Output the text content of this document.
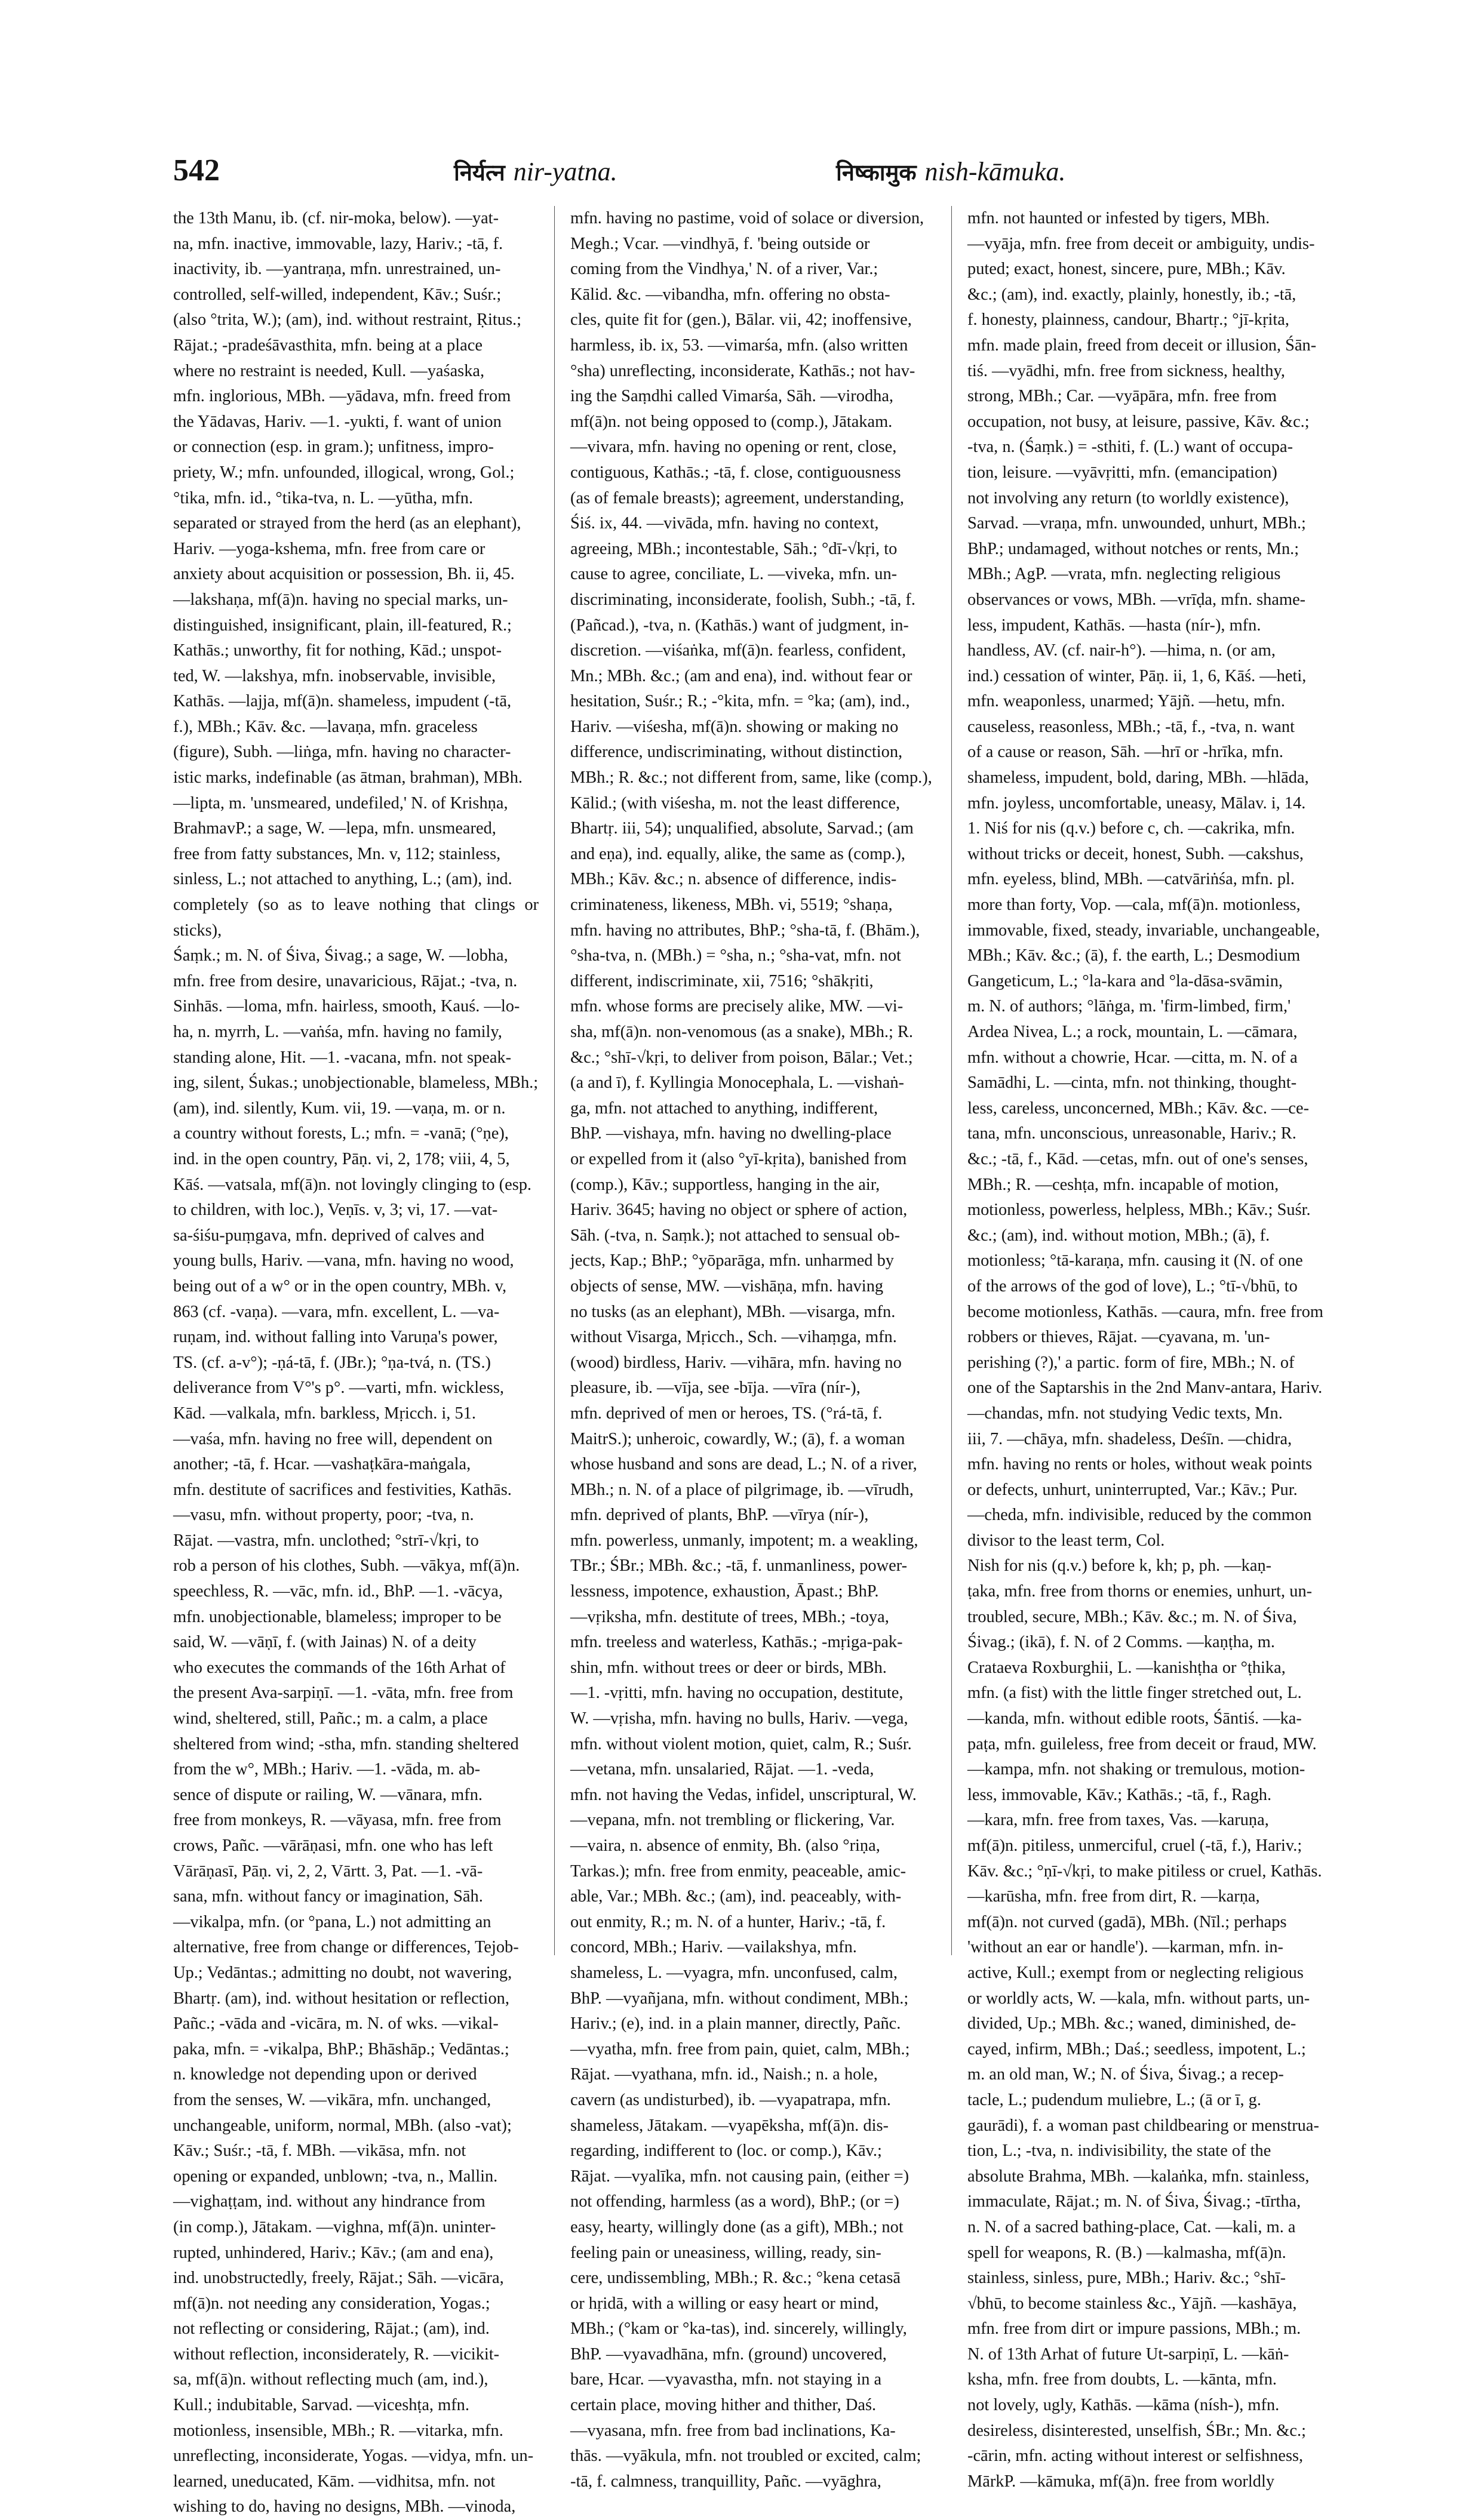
542	निर्यत्न nir-yatna.	निष्कामुक nish-kāmuka.

the 13th Manu, ib. (cf. nir-moka, below). —yat-

na, mfn. inactive, immovable, lazy, Hariv.; -tā, f.

inactivity, ib. —yantraṇa, mfn. unrestrained, un-

controlled, self-willed, independent, Kāv.; Suśr.;

(also °trita, W.); (am), ind. without restraint, Ṛitus.;

Rājat.; -pradeśāvasthita, mfn. being at a place

where no restraint is needed, Kull. —yaśaska,

mfn. inglorious, MBh. —yādava, mfn. freed from

the Yādavas, Hariv. —1. -yukti, f. want of union

or connection (esp. in gram.); unfitness, impro-

priety, W.; mfn. unfounded, illogical, wrong, Gol.;

°tika, mfn. id., °tika-tva, n. L. —yūtha, mfn.

separated or strayed from the herd (as an elephant),

Hariv. —yoga-kshema, mfn. free from care or

anxiety about acquisition or possession, Bh. ii, 45.

—lakshaṇa, mf(ā)n. having no special marks, un-

distinguished, insignificant, plain, ill-featured, R.;

Kathās.; unworthy, fit for nothing, Kād.; unspot-

ted, W. —lakshya, mfn. inobservable, invisible,

Kathās. —lajja, mf(ā)n. shameless, impudent (-tā,

f.), MBh.; Kāv. &c. —lavaṇa, mfn. graceless

(figure), Subh. —liṅga, mfn. having no character-

istic marks, indefinable (as ātman, brahman), MBh.

—lipta, m. 'unsmeared, undefiled,' N. of Krishṇa,

BrahmavP.; a sage, W. —lepa, mfn. unsmeared,

free from fatty substances, Mn. v, 112; stainless,

sinless, L.; not attached to anything, L.; (am), ind.

completely (so as to leave nothing that clings or sticks),

Śaṃk.; m. N. of Śiva, Śivag.; a sage, W. —lobha,

mfn. free from desire, unavaricious, Rājat.; -tva, n.

Sinhās. —loma, mfn. hairless, smooth, Kauś. —lo-

ha, n. myrrh, L. —vaṅśa, mfn. having no family,

standing alone, Hit. —1. -vacana, mfn. not speak-

ing, silent, Śukas.; unobjectionable, blameless, MBh.;

(am), ind. silently, Kum. vii, 19. —vaṇa, m. or n.

a country without forests, L.; mfn. = -vanā; (°ṇe),

ind. in the open country, Pāṇ. vi, 2, 178; viii, 4, 5,

Kāś. —vatsala, mf(ā)n. not lovingly clinging to (esp.

to children, with loc.), Veṇīs. v, 3; vi, 17. —vat-

sa-śiśu-puṃgava, mfn. deprived of calves and

young bulls, Hariv. —vana, mfn. having no wood,

being out of a w° or in the open country, MBh. v,

863 (cf. -vaṇa). —vara, mfn. excellent, L. —va-

ruṇam, ind. without falling into Varuṇa's power,

TS. (cf. a-v°); -ṇá-tā, f. (JBr.); °ṇa-tvá, n. (TS.)

deliverance from V°'s p°. —varti, mfn. wickless,

Kād. —valkala, mfn. barkless, Mṛicch. i, 51.

—vaśa, mfn. having no free will, dependent on

another; -tā, f. Hcar. —vashaṭkāra-maṅgala,

mfn. destitute of sacrifices and festivities, Kathās.

—vasu, mfn. without property, poor; -tva, n.

Rājat. —vastra, mfn. unclothed; °strī-√kṛi, to

rob a person of his clothes, Subh. —vākya, mf(ā)n.

speechless, R. —vāc, mfn. id., BhP. —1. -vācya,

mfn. unobjectionable, blameless; improper to be

said, W. —vāṇī, f. (with Jainas) N. of a deity

who executes the commands of the 16th Arhat of

the present Ava-sarpiṇī. —1. -vāta, mfn. free from

wind, sheltered, still, Pañc.; m. a calm, a place

sheltered from wind; -stha, mfn. standing sheltered

from the w°, MBh.; Hariv. —1. -vāda, m. ab-

sence of dispute or railing, W. —vānara, mfn.

free from monkeys, R. —vāyasa, mfn. free from

crows, Pañc. —vārāṇasi, mfn. one who has left

Vārāṇasī, Pāṇ. vi, 2, 2, Vārtt. 3, Pat. —1. -vā-

sana, mfn. without fancy or imagination, Sāh.

—vikalpa, mfn. (or °pana, L.) not admitting an

alternative, free from change or differences, Tejob-

Up.; Vedāntas.; admitting no doubt, not wavering,

Bhartṛ. (am), ind. without hesitation or reflection,

Pañc.; -vāda and -vicāra, m. N. of wks. —vikal-

paka, mfn. = -vikalpa, BhP.; Bhāshāp.; Vedāntas.;

n. knowledge not depending upon or derived

from the senses, W. —vikāra, mfn. unchanged,

unchangeable, uniform, normal, MBh. (also -vat);

Kāv.; Suśr.; -tā, f. MBh. —vikāsa, mfn. not

opening or expanded, unblown; -tva, n., Mallin.

—vighaṭṭam, ind. without any hindrance from

(in comp.), Jātakam. —vighna, mf(ā)n. uninter-

rupted, unhindered, Hariv.; Kāv.; (am and ena),

ind. unobstructedly, freely, Rājat.; Sāh. —vicāra,

mf(ā)n. not needing any consideration, Yogas.;

not reflecting or considering, Rājat.; (am), ind.

without reflection, inconsiderately, R. —vicikit-

sa, mf(ā)n. without reflecting much (am, ind.),

Kull.; indubitable, Sarvad. —viceshṭa, mfn.

motionless, insensible, MBh.; R. —vitarka, mfn.

unreflecting, inconsiderate, Yogas. —vidya, mfn. un-

learned, uneducated, Kām. —vidhitsa, mfn. not

wishing to do, having no designs, MBh. —vinoda,

mfn. having no pastime, void of solace or diversion,

Megh.; Vcar. —vindhyā, f. 'being outside or

coming from the Vindhya,' N. of a river, Var.;

Kālid. &c. —vibandha, mfn. offering no obsta-

cles, quite fit for (gen.), Bālar. vii, 42; inoffensive,

harmless, ib. ix, 53. —vimarśa, mfn. (also written

°sha) unreflecting, inconsiderate, Kathās.; not hav-

ing the Saṃdhi called Vimarśa, Sāh. —virodha,

mf(ā)n. not being opposed to (comp.), Jātakam.

—vivara, mfn. having no opening or rent, close,

contiguous, Kathās.; -tā, f. close, contiguousness

(as of female breasts); agreement, understanding,

Śiś. ix, 44. —vivāda, mfn. having no context,

agreeing, MBh.; incontestable, Sāh.; °dī-√kṛi, to

cause to agree, conciliate, L. —viveka, mfn. un-

discriminating, inconsiderate, foolish, Subh.; -tā, f.

(Pañcad.), -tva, n. (Kathās.) want of judgment, in-

discretion. —viśaṅka, mf(ā)n. fearless, confident,

Mn.; MBh. &c.; (am and ena), ind. without fear or

hesitation, Suśr.; R.; -°kita, mfn. = °ka; (am), ind.,

Hariv. —viśesha, mf(ā)n. showing or making no

difference, undiscriminating, without distinction,

MBh.; R. &c.; not different from, same, like (comp.),

Kālid.; (with viśesha, m. not the least difference,

Bhartṛ. iii, 54); unqualified, absolute, Sarvad.; (am

and eṇa), ind. equally, alike, the same as (comp.),

MBh.; Kāv. &c.; n. absence of difference, indis-

criminateness, likeness, MBh. vi, 5519; °shaṇa,

mfn. having no attributes, BhP.; °sha-tā, f. (Bhām.),

°sha-tva, n. (MBh.) = °sha, n.; °sha-vat, mfn. not

different, indiscriminate, xii, 7516; °shākṛiti,

mfn. whose forms are precisely alike, MW. —vi-

sha, mf(ā)n. non-venomous (as a snake), MBh.; R.

&c.; °shī-√kṛi, to deliver from poison, Bālar.; Vet.;

(a and ī), f. Kyllingia Monocephala, L. —vishaṅ-

ga, mfn. not attached to anything, indifferent,

BhP. —vishaya, mfn. having no dwelling-place

or expelled from it (also °yī-kṛita), banished from

(comp.), Kāv.; supportless, hanging in the air,

Hariv. 3645; having no object or sphere of action,

Sāh. (-tva, n. Saṃk.); not attached to sensual ob-

jects, Kap.; BhP.; °yōparāga, mfn. unharmed by

objects of sense, MW. —vishāṇa, mfn. having

no tusks (as an elephant), MBh. —visarga, mfn.

without Visarga, Mṛicch., Sch. —vihaṃga, mfn.

(wood) birdless, Hariv. —vihāra, mfn. having no

pleasure, ib. —vīja, see -bīja. —vīra (nír-),

mfn. deprived of men or heroes, TS. (°rá-tā, f.

MaitrS.); unheroic, cowardly, W.; (ā), f. a woman

whose husband and sons are dead, L.; N. of a river,

MBh.; n. N. of a place of pilgrimage, ib. —vīrudh,

mfn. deprived of plants, BhP. —vīrya (nír-),

mfn. powerless, unmanly, impotent; m. a weakling,

TBr.; ŚBr.; MBh. &c.; -tā, f. unmanliness, power-

lessness, impotence, exhaustion, Āpast.; BhP.

—vṛiksha, mfn. destitute of trees, MBh.; -toya,

mfn. treeless and waterless, Kathās.; -mṛiga-pak-

shin, mfn. without trees or deer or birds, MBh.

—1. -vṛitti, mfn. having no occupation, destitute,

W. —vṛisha, mfn. having no bulls, Hariv. —vega,

mfn. without violent motion, quiet, calm, R.; Suśr.

—vetana, mfn. unsalaried, Rājat. —1. -veda,

mfn. not having the Vedas, infidel, unscriptural, W.

—vepana, mfn. not trembling or flickering, Var.

—vaira, n. absence of enmity, Bh. (also °riṇa,

Tarkas.); mfn. free from enmity, peaceable, amic-

able, Var.; MBh. &c.; (am), ind. peaceably, with-

out enmity, R.; m. N. of a hunter, Hariv.; -tā, f.

concord, MBh.; Hariv. —vailakshya, mfn.

shameless, L. —vyagra, mfn. unconfused, calm,

BhP. —vyañjana, mfn. without condiment, MBh.;

Hariv.; (e), ind. in a plain manner, directly, Pañc.

—vyatha, mfn. free from pain, quiet, calm, MBh.;

Rājat. —vyathana, mfn. id., Naish.; n. a hole,

cavern (as undisturbed), ib. —vyapatrapa, mfn.

shameless, Jātakam. —vyapēksha, mf(ā)n. dis-

regarding, indifferent to (loc. or comp.), Kāv.;

Rājat. —vyalīka, mfn. not causing pain, (either =)

not offending, harmless (as a word), BhP.; (or =)

easy, hearty, willingly done (as a gift), MBh.; not

feeling pain or uneasiness, willing, ready, sin-

cere, undissembling, MBh.; R. &c.; °kena cetasā

or hṛidā, with a willing or easy heart or mind,

MBh.; (°kam or °ka-tas), ind. sincerely, willingly,

BhP. —vyavadhāna, mfn. (ground) uncovered,

bare, Hcar. —vyavastha, mfn. not staying in a

certain place, moving hither and thither, Daś.

—vyasana, mfn. free from bad inclinations, Ka-

thās. —vyākula, mfn. not troubled or excited, calm;

-tā, f. calmness, tranquillity, Pañc. —vyāghra,

mfn. not haunted or infested by tigers, MBh.

—vyāja, mfn. free from deceit or ambiguity, undis-

puted; exact, honest, sincere, pure, MBh.; Kāv.

&c.; (am), ind. exactly, plainly, honestly, ib.; -tā,

f. honesty, plainness, candour, Bhartṛ.; °jī-kṛita,

mfn. made plain, freed from deceit or illusion, Śān-

tiś. —vyādhi, mfn. free from sickness, healthy,

strong, MBh.; Car. —vyāpāra, mfn. free from

occupation, not busy, at leisure, passive, Kāv. &c.;

-tva, n. (Śaṃk.) = -sthiti, f. (L.) want of occupa-

tion, leisure. —vyāvṛitti, mfn. (emancipation)

not involving any return (to worldly existence),

Sarvad. —vraṇa, mfn. unwounded, unhurt, MBh.;

BhP.; undamaged, without notches or rents, Mn.;

MBh.; AgP. —vrata, mfn. neglecting religious

observances or vows, MBh. —vrīḍa, mfn. shame-

less, impudent, Kathās. —hasta (nír-), mfn.

handless, AV. (cf. nair-h°). —hima, n. (or am,

ind.) cessation of winter, Pāṇ. ii, 1, 6, Kāś. —heti,

mfn. weaponless, unarmed; Yājñ. —hetu, mfn.

causeless, reasonless, MBh.; -tā, f., -tva, n. want

of a cause or reason, Sāh. —hrī or -hrīka, mfn.

shameless, impudent, bold, daring, MBh. —hlāda,

mfn. joyless, uncomfortable, uneasy, Mālav. i, 14.

1. Niś for nis (q.v.) before c, ch. —cakrika, mfn.

without tricks or deceit, honest, Subh. —cakshus,

mfn. eyeless, blind, MBh. —catvāriṅśa, mfn. pl.

more than forty, Vop. —cala, mf(ā)n. motionless,

immovable, fixed, steady, invariable, unchangeable,

MBh.; Kāv. &c.; (ā), f. the earth, L.; Desmodium

Gangeticum, L.; °la-kara and °la-dāsa-svāmin,

m. N. of authors; °lāṅga, m. 'firm-limbed, firm,'

Ardea Nivea, L.; a rock, mountain, L. —cāmara,

mfn. without a chowrie, Hcar. —citta, m. N. of a

Samādhi, L. —cinta, mfn. not thinking, thought-

less, careless, unconcerned, MBh.; Kāv. &c. —ce-

tana, mfn. unconscious, unreasonable, Hariv.; R.

&c.; -tā, f., Kād. —cetas, mfn. out of one's senses,

MBh.; R. —ceshṭa, mfn. incapable of motion,

motionless, powerless, helpless, MBh.; Kāv.; Suśr.

&c.; (am), ind. without motion, MBh.; (ā), f.

motionless; °tā-karaṇa, mfn. causing it (N. of one

of the arrows of the god of love), L.; °tī-√bhū, to

become motionless, Kathās. —caura, mfn. free from

robbers or thieves, Rājat. —cyavana, m. 'un-

perishing (?),' a partic. form of fire, MBh.; N. of

one of the Saptarshis in the 2nd Manv-antara, Hariv.

—chandas, mfn. not studying Vedic texts, Mn.

iii, 7. —chāya, mfn. shadeless, Deśīn. —chidra,

mfn. having no rents or holes, without weak points

or defects, unhurt, uninterrupted, Var.; Kāv.; Pur.

—cheda, mfn. indivisible, reduced by the common

divisor to the least term, Col.

Nish for nis (q.v.) before k, kh; p, ph. —kaṇ-

ṭaka, mfn. free from thorns or enemies, unhurt, un-

troubled, secure, MBh.; Kāv. &c.; m. N. of Śiva,

Śivag.; (ikā), f. N. of 2 Comms. —kaṇṭha, m.

Crataeva Roxburghii, L. —kanishṭha or °ṭhika,

mfn. (a fist) with the little finger stretched out, L.

—kanda, mfn. without edible roots, Śāntiś. —ka-

paṭa, mfn. guileless, free from deceit or fraud, MW.

—kampa, mfn. not shaking or tremulous, motion-

less, immovable, Kāv.; Kathās.; -tā, f., Ragh.

—kara, mfn. free from taxes, Vas. —karuṇa,

mf(ā)n. pitiless, unmerciful, cruel (-tā, f.), Hariv.;

Kāv. &c.; °ṇī-√kṛi, to make pitiless or cruel, Kathās.

—karūsha, mfn. free from dirt, R. —karṇa,

mf(ā)n. not curved (gadā), MBh. (Nīl.; perhaps

'without an ear or handle'). —karman, mfn. in-

active, Kull.; exempt from or neglecting religious

or worldly acts, W. —kala, mfn. without parts, un-

divided, Up.; MBh. &c.; waned, diminished, de-

cayed, infirm, MBh.; Daś.; seedless, impotent, L.;

m. an old man, W.; N. of Śiva, Śivag.; a recep-

tacle, L.; pudendum muliebre, L.; (ā or ī, g.

gaurādi), f. a woman past childbearing or menstrua-

tion, L.; -tva, n. indivisibility, the state of the

absolute Brahma, MBh. —kalaṅka, mfn. stainless,

immaculate, Rājat.; m. N. of Śiva, Śivag.; -tīrtha,

n. N. of a sacred bathing-place, Cat. —kali, m. a

spell for weapons, R. (B.) —kalmasha, mf(ā)n.

stainless, sinless, pure, MBh.; Hariv. &c.; °shī-

√bhū, to become stainless &c., Yājñ. —kashāya,

mfn. free from dirt or impure passions, MBh.; m.

N. of 13th Arhat of future Ut-sarpiṇī, L. —kāṅ-

ksha, mfn. free from doubts, L. —kānta, mfn.

not lovely, ugly, Kathās. —kāma (nísh-), mfn.

desireless, disinterested, unselfish, ŚBr.; Mn. &c.;

-cārin, mfn. acting without interest or selfishness,

MārkP. —kāmuka, mf(ā)n. free from worldly
